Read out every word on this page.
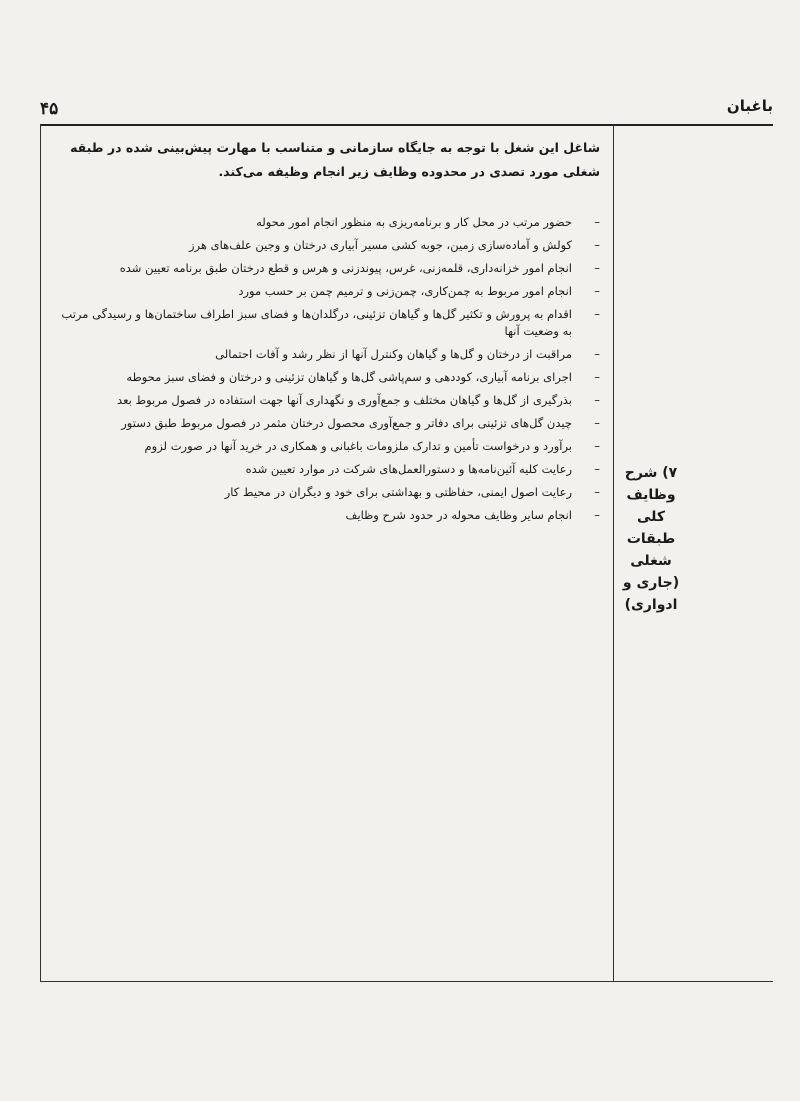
۴۵	باغبان
۷) شرح
وظایف
کلی
طبقات
شغلی
(جاری و
ادواری)

شاغل این شغل با توجه به جایگاه سازمانی و متناسب با مهارت پیش‌بینی شده در طبقه شغلی مورد تصدی در محدوده وظایف زیر انجام وظیفه می‌کند.

–
حضور مرتب در محل کار و برنامه‌ریزی به منظور انجام امور محوله
–
کولش و آماده‌سازی زمین، جوبه کشی مسیر آبیاری درختان و وجین علف‌های هرز
–
انجام امور خزانه‌داری، قلمه‌زنی، غرس، پیوندزنی و هرس و قطع درختان طبق برنامه تعیین شده
–
انجام امور مربوط به چمن‌کاری، چمن‌زنی و ترمیم چمن بر حسب مورد
–
اقدام به پرورش و تکثیر گل‌ها و گیاهان تزئینی، درگلدان‌ها و فضای سبز اطراف ساختمان‌ها و رسیدگی مرتب به وضعیت آنها
–
مراقبت از درختان و گل‌ها و گیاهان وکنترل آنها از نظر رشد و آفات احتمالی
–
اجرای برنامه آبیاری، کوددهی و سم‌پاشی گل‌ها و گیاهان تزئینی و درختان و فضای سبز محوطه
–
بذرگیری از گل‌ها و گیاهان مختلف و جمع‌آوری و نگهداری آنها جهت استفاده در فصول مربوط بعد
–
چیدن گل‌های تزئینی برای دفاتر و جمع‌آوری محصول درختان مثمر در فصول مربوط طبق دستور
–
برآورد و درخواست تأمین و تدارک ملزومات باغبانی و همکاری در خرید آنها در صورت لزوم
–
رعایت کلیه آئین‌نامه‌ها و دستورالعمل‌های شرکت در موارد تعیین شده
–
رعایت اصول ایمنی، حفاظتی و بهداشتی برای خود و دیگران در محیط کار
–
انجام سایر وظایف محوله در حدود شرح وظایف
